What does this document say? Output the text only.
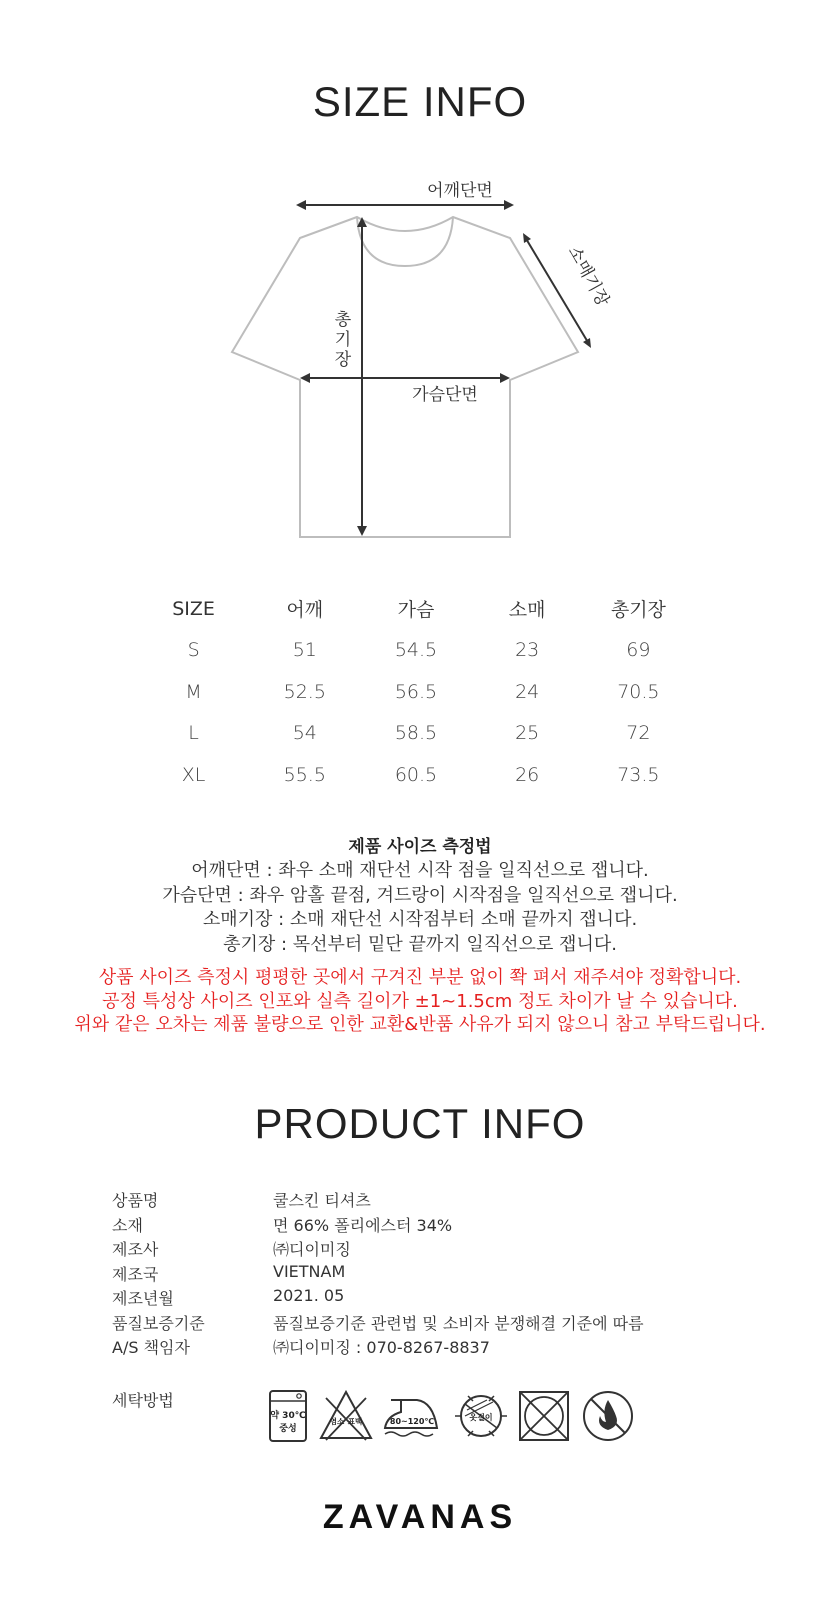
SIZE INFO
어깨단면
소매기장
가슴단면
총 기 장
SIZE	어깨	가슴	소매	총기장
S	51	54.5	23	69
M	52.5	56.5	24	70.5
L	54	58.5	25	72
XL	55.5	60.5	26	73.5
제품 사이즈 측정법
어깨단면 : 좌우 소매 재단선 시작 점을 일직선으로 잽니다.
가슴단면 : 좌우 암홀 끝점, 겨드랑이 시작점을 일직선으로 잽니다.
소매기장 : 소매 재단선 시작점부터 소매 끝까지 잽니다.
총기장 : 목선부터 밑단 끝까지 일직선으로 잽니다.
상품 사이즈 측정시 평평한 곳에서 구겨진 부분 없이 쫙 펴서 재주셔야 정확합니다.
공정 특성상 사이즈 인포와 실측 길이가 ±1~1.5cm 정도 차이가 날 수 있습니다.
위와 같은 오차는 제품 불량으로 인한 교환&반품 사유가 되지 않으니 참고 부탁드립니다.
PRODUCT INFO
상품명	쿨스킨 티셔츠
소재	면 66% 폴리에스터 34%
제조사	㈜디이미징
제조국	VIETNAM
제조년월	2021. 05
품질보증기준	품질보증기준 관련법 및 소비자 분쟁해결 기준에 따름
A/S 책임자	㈜디이미징 : 070-8267-8837
세탁방법
약 30℃
중성
염소 표백	80~120℃	옷걸이
ZAVANAS
